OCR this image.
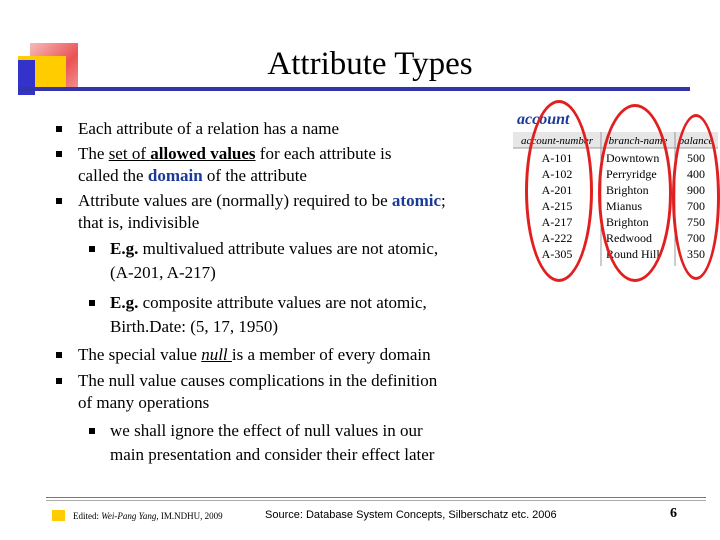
Attribute Types
Each attribute of a relation has a name
The set of allowed values for each attribute is
called the domain of the attribute
Attribute values are (normally) required to be atomic;
that is, indivisible
E.g. multivalued attribute values are not atomic,
(A-201, A-217)
E.g. composite attribute values are not atomic,
Birth.Date: (5, 17, 1950)
The special value null is a member of every domain
The null value causes complications in the definition
of many operations
we shall ignore the effect of null values in our
main presentation and consider their effect later
account-number branch-name balance
A-101	Downtown 500
A-102	Perryridge	400
A-201	Brighton	900
A-215	Mianus	700
A-217	Brighton	750
A-222	Redwood	700
A-305	Round Hill 350
account
Edited: Wei-Pang Yang, IM.NDHU, 2009	Source: Database System Concepts, Silberschatz etc. 2006	6
